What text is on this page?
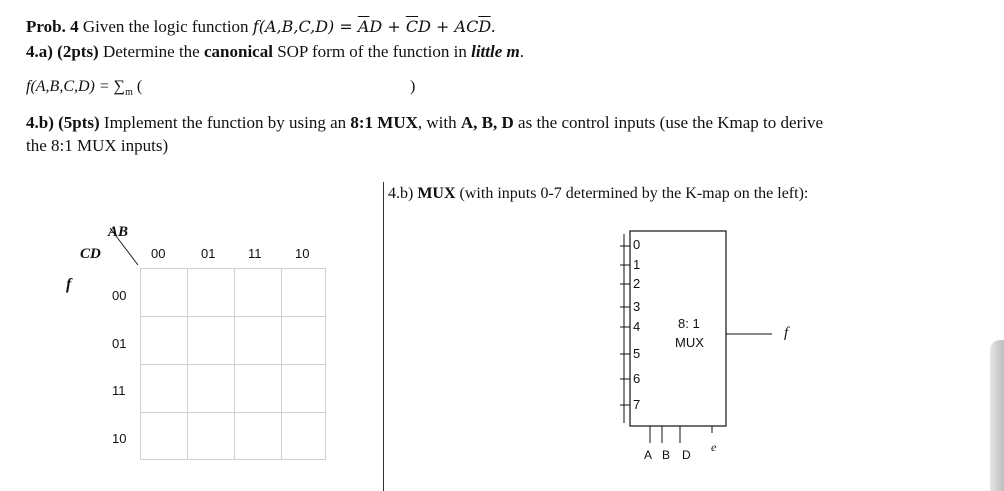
Prob. 4 Given the logic function $f(A,B,C,D) = \overline{A}D + \overline{C}D + AC\overline{D}$.
4.a) (2pts) Determine the canonical SOP form of the function in little m.
$f(A,B,C,D) = \sum_m$ (	)
4.b) (5pts) Implement the function by using an 8:1 MUX, with A, B, D as the control inputs (use the Kmap to derive
the 8:1 MUX inputs)
4.b) MUX (with inputs 0-7 determined by the K-map on the left):
AB
CD
f
00	01	11	10
00
01
11
10
0
1
2
3
4
5
6
7
8: 1
MUX
f
A B D
e
